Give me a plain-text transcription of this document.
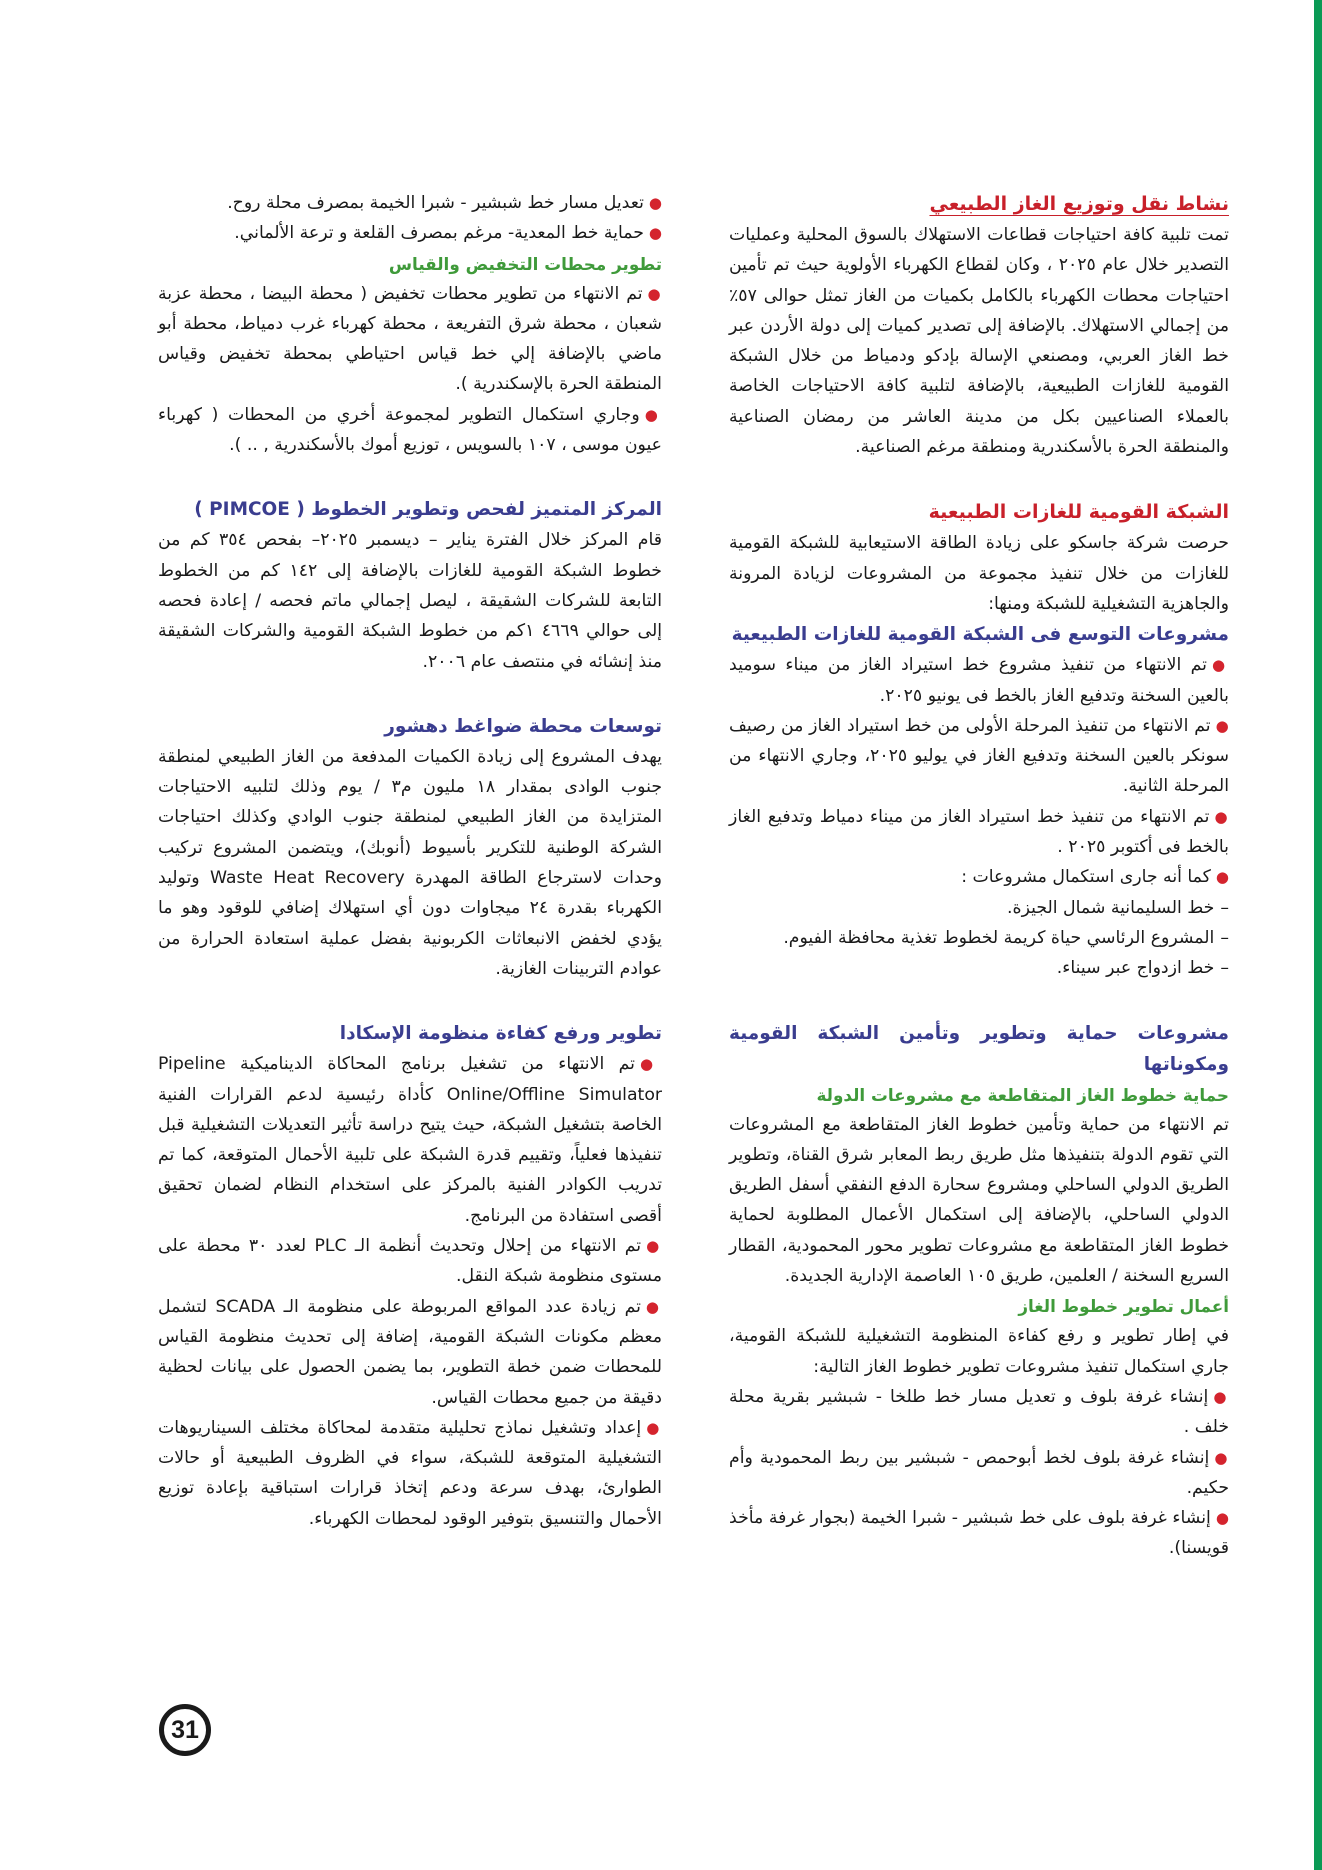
نشاط نقل وتوزيع الغاز الطبيعي

تمت تلبية كافة احتياجات قطاعات الاستهلاك بالسوق المحلية وعمليات التصدير خلال عام ٢٠٢٥ ، وكان لقطاع الكهرباء الأولوية حيث تم تأمين احتياجات محطات الكهرباء بالكامل بكميات من الغاز تمثل حوالى ٥٧٪ من إجمالي الاستهلاك. بالإضافة إلى تصدير كميات إلى دولة الأردن عبر خط الغاز العربي، ومصنعي الإسالة بإدكو ودمياط من خلال الشبكة القومية للغازات الطبيعية، بالإضافة لتلبية كافة الاحتياجات الخاصة بالعملاء الصناعيين بكل من مدينة العاشر من رمضان الصناعية والمنطقة الحرة بالأسكندرية ومنطقة مرغم الصناعية.

الشبكة القومية للغازات الطبيعية

حرصت شركة جاسكو على زيادة الطاقة الاستيعابية للشبكة القومية للغازات من خلال تنفيذ مجموعة من المشروعات لزيادة المرونة والجاهزية التشغيلية للشبكة ومنها:

مشروعات التوسع فى الشبكة القومية للغازات الطبيعية
●تم الانتهاء من تنفيذ مشروع خط استيراد الغاز من ميناء سوميد بالعين السخنة وتدفيع الغاز بالخط فى يونيو ٢٠٢٥.
●تم الانتهاء من تنفيذ المرحلة الأولى من خط استيراد الغاز من رصيف سونكر بالعين السخنة وتدفيع الغاز في يوليو ٢٠٢٥، وجاري الانتهاء من المرحلة الثانية.
●تم الانتهاء من تنفيذ خط استيراد الغاز من ميناء دمياط وتدفيع الغاز بالخط فى أكتوبر ٢٠٢٥ .
●كما أنه جارى استكمال مشروعات :
–خط السليمانية شمال الجيزة.
–المشروع الرئاسي حياة كريمة لخطوط تغذية محافظة الفيوم.
–خط ازدواج عبر سيناء.
مشروعات حماية وتطوير وتأمين الشبكة القومية ومكوناتها
حماية خطوط الغاز المتقاطعة مع مشروعات الدولة

تم الانتهاء من حماية وتأمين خطوط الغاز المتقاطعة مع المشروعات التي تقوم الدولة بتنفيذها مثل طريق ربط المعابر شرق القناة، وتطوير الطريق الدولي الساحلي ومشروع سحارة الدفع النفقي أسفل الطريق الدولي الساحلي، بالإضافة إلى استكمال الأعمال المطلوبة لحماية خطوط الغاز المتقاطعة مع مشروعات تطوير محور المحمودية، القطار السريع السخنة / العلمين، طريق ١٠٥ العاصمة الإدارية الجديدة.

أعمال تطوير خطوط الغاز

في إطار تطوير و رفع كفاءة المنظومة التشغيلية للشبكة القومية، جاري استكمال تنفيذ مشروعات تطوير خطوط الغاز التالية:

●إنشاء غرفة بلوف و تعديل مسار خط طلخا - شبشير بقرية محلة خلف .
●إنشاء غرفة بلوف لخط أبوحمص - شبشير بين ربط المحمودية وأم حكيم.
●إنشاء غرفة بلوف على خط شبشير - شبرا الخيمة (بجوار غرفة مأخذ قويسنا).
●تعديل مسار خط شبشير - شبرا الخيمة بمصرف محلة روح.
●حماية خط المعدية- مرغم بمصرف القلعة و ترعة الألماني.
تطوير محطات التخفيض والقياس
●تم الانتهاء من تطوير محطات تخفيض ( محطة البيضا ، محطة عزبة شعبان ، محطة شرق التفريعة ، محطة كهرباء غرب دمياط، محطة أبو ماضي بالإضافة إلي خط قياس احتياطي بمحطة تخفيض وقياس المنطقة الحرة بالإسكندرية ).
●وجاري استكمال التطوير لمجموعة أخري من المحطات ( كهرباء عيون موسى ، ١٠٧ بالسويس ، توزيع أموك بالأسكندرية , .. ).
المركز المتميز لفحص وتطوير الخطوط ( PIMCOE )

قام المركز خلال الفترة يناير – ديسمبر ٢٠٢٥– بفحص ٣٥٤ كم من خطوط الشبكة القومية للغازات بالإضافة إلى ١٤٢ كم من الخطوط التابعة للشركات الشقيقة ، ليصل إجمالي ماتم فحصه / إعادة فحصه إلى حوالي ٤٦٦٩ ١كم من خطوط الشبكة القومية والشركات الشقيقة منذ إنشائه في منتصف عام ٢٠٠٦.

توسعات محطة ضواغط دهشور

يهدف المشروع إلى زيادة الكميات المدفعة من الغاز الطبيعي لمنطقة جنوب الوادى بمقدار ١٨ مليون م٣ / يوم وذلك لتلبيه الاحتياجات المتزايدة من الغاز الطبيعي لمنطقة جنوب الوادي وكذلك احتياجات الشركة الوطنية للتكرير بأسيوط (أنوبك)، ويتضمن المشروع تركيب وحدات لاسترجاع الطاقة المهدرة Waste Heat Recovery وتوليد الكهرباء بقدرة ٢٤ ميجاوات دون أي استهلاك إضافي للوقود وهو ما يؤدي لخفض الانبعاثات الكربونية بفضل عملية استعادة الحرارة من عوادم التربينات الغازية.

تطوير ورفع كفاءة منظومة الإسكادا
●تم الانتهاء من تشغيل برنامج المحاكاة الديناميكية Pipeline Online/Offline Simulator كأداة رئيسية لدعم القرارات الفنية الخاصة بتشغيل الشبكة، حيث يتيح دراسة تأثير التعديلات التشغيلية قبل تنفيذها فعلياً، وتقييم قدرة الشبكة على تلبية الأحمال المتوقعة، كما تم تدريب الكوادر الفنية بالمركز على استخدام النظام لضمان تحقيق أقصى استفادة من البرنامج.
●تم الانتهاء من إحلال وتحديث أنظمة الـ PLC لعدد ٣٠ محطة على مستوى منظومة شبكة النقل.
●تم زيادة عدد المواقع المربوطة على منظومة الـ SCADA لتشمل معظم مكونات الشبكة القومية، إضافة إلى تحديث منظومة القياس للمحطات ضمن خطة التطوير، بما يضمن الحصول على بيانات لحظية دقيقة من جميع محطات القياس.
●إعداد وتشغيل نماذج تحليلية متقدمة لمحاكاة مختلف السيناريوهات التشغيلية المتوقعة للشبكة، سواء في الظروف الطبيعية أو حالات الطوارئ، بهدف سرعة ودعم إتخاذ قرارات استباقية بإعادة توزيع الأحمال والتنسيق بتوفير الوقود لمحطات الكهرباء.
31
